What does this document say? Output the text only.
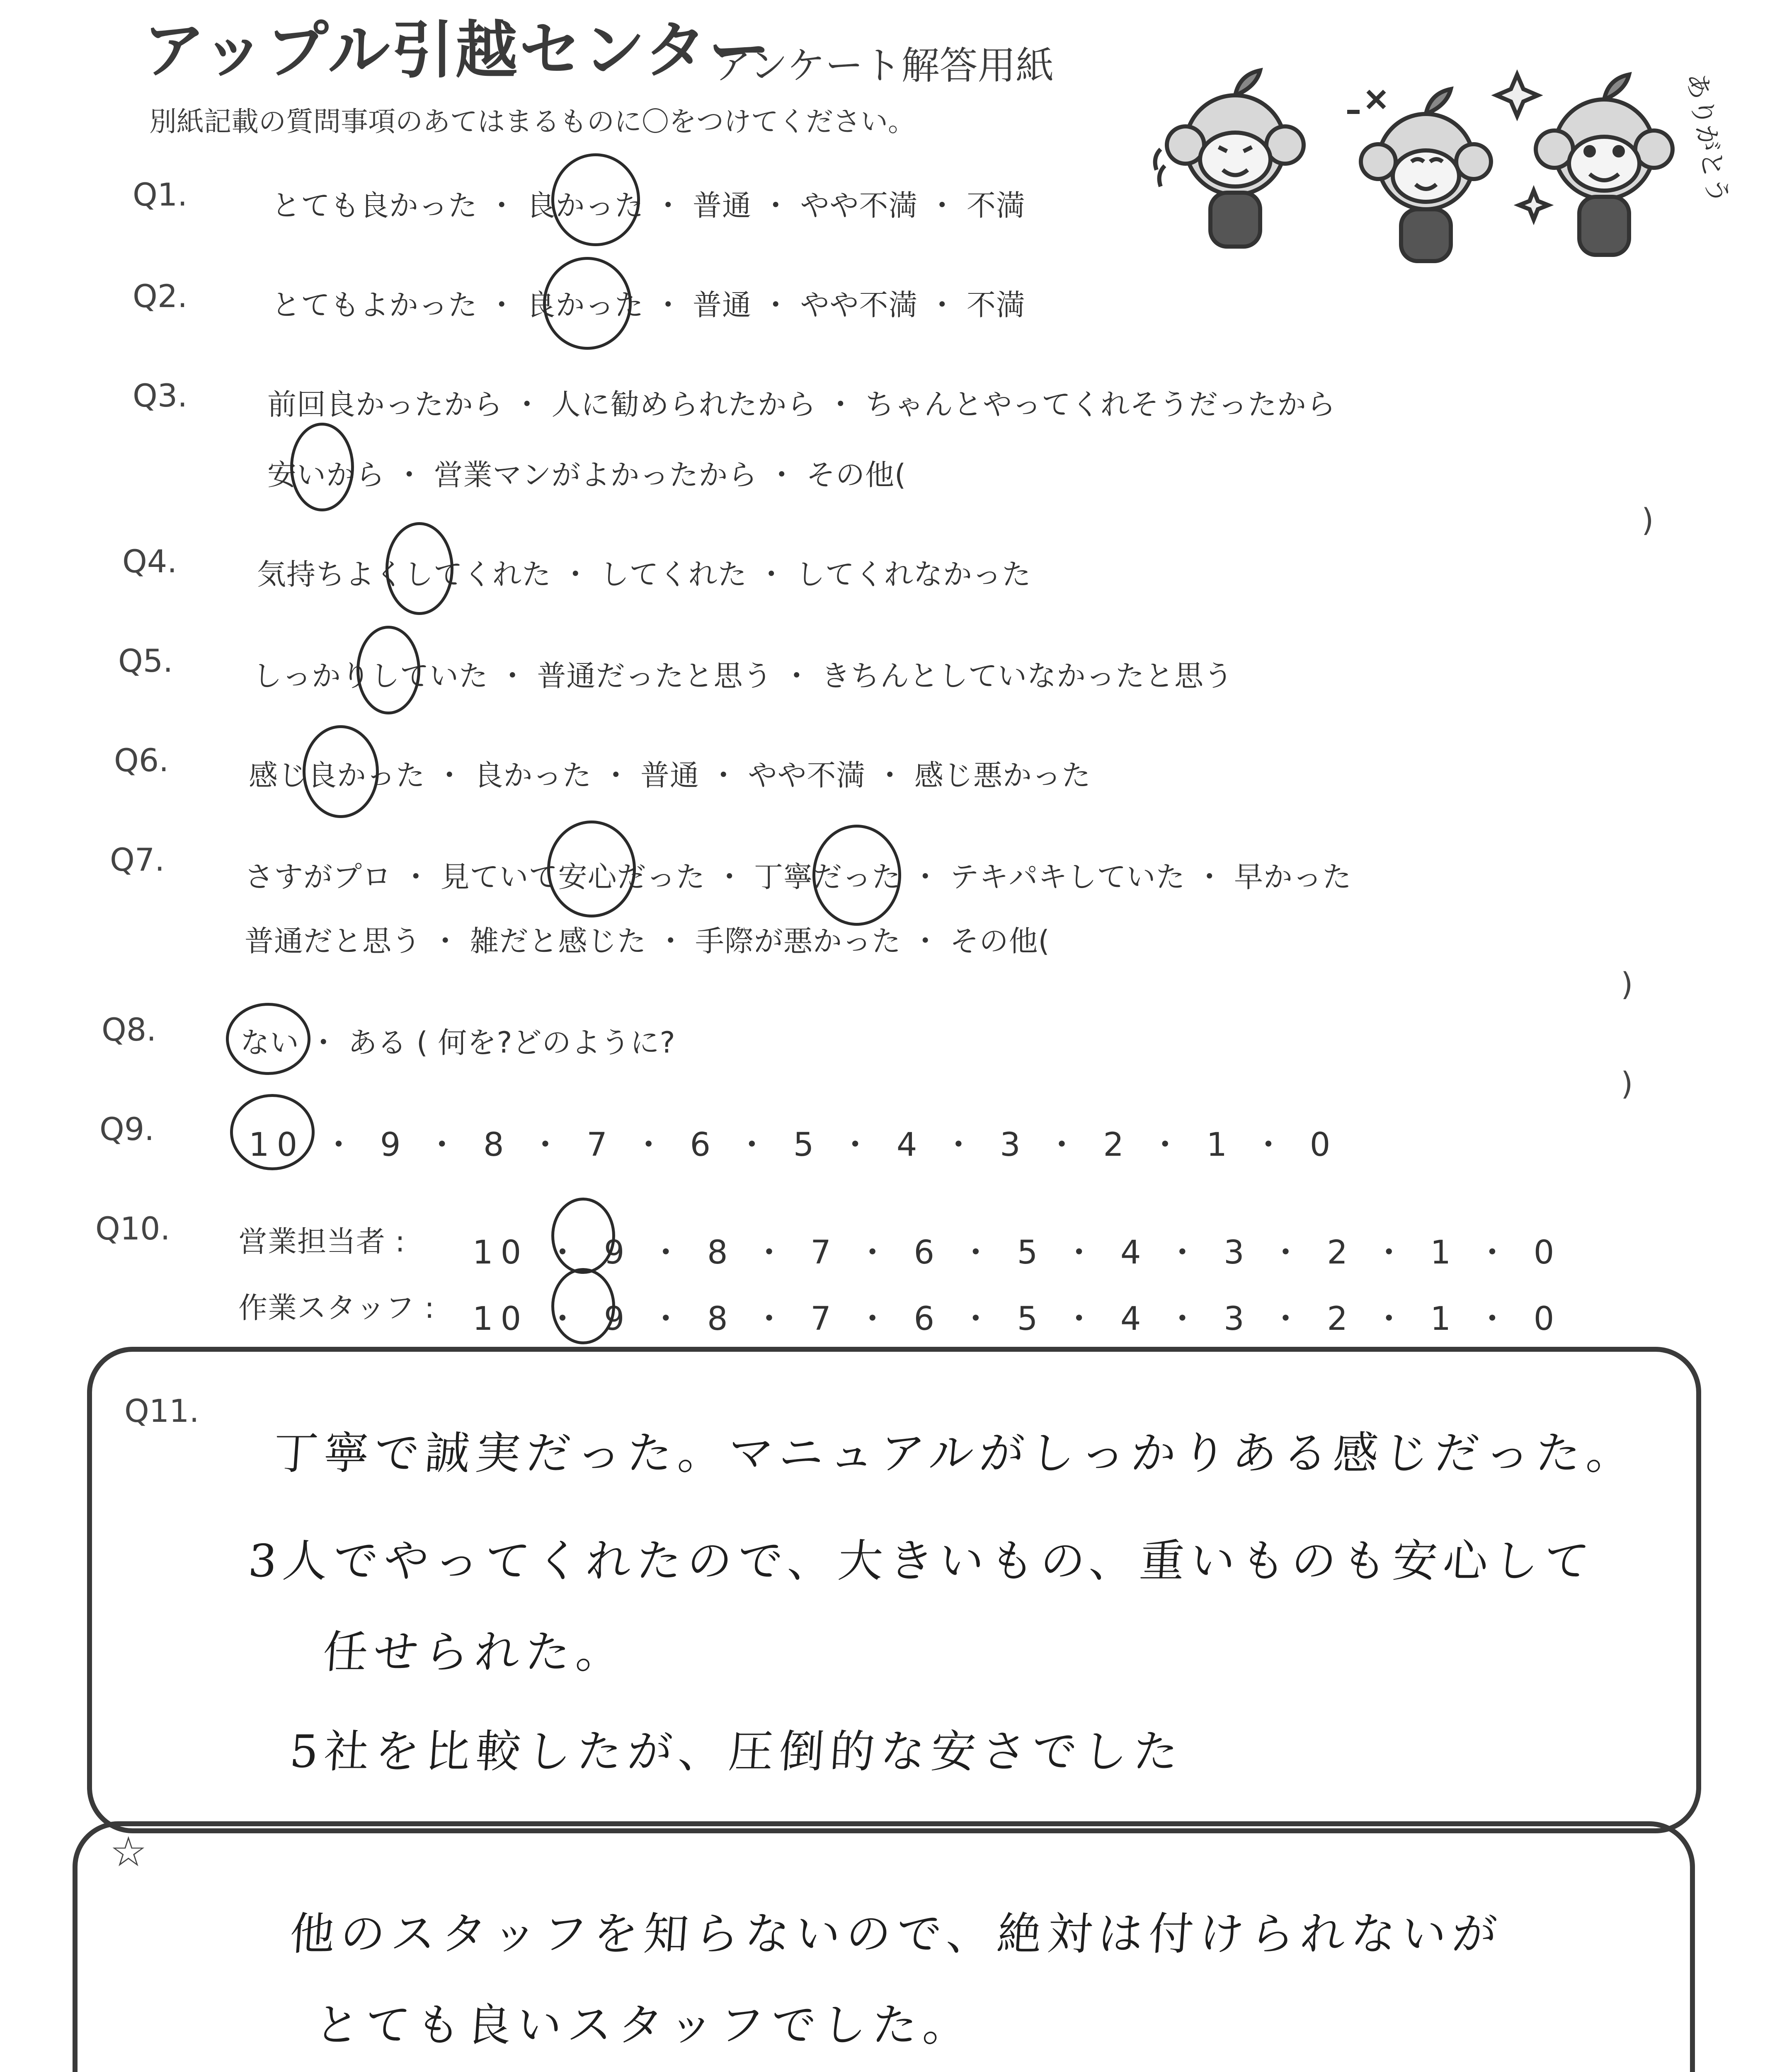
アップル引越センター
アンケート解答用紙
別紙記載の質問事項のあてはまるものに〇をつけてください。	ありがとう
Q1.	とても良かった ・ 良かった ・ 普通 ・ やや不満 ・ 不満
Q2.	とてもよかった ・ 良かった ・ 普通 ・ やや不満 ・ 不満
Q3.	前回良かったから ・ 人に勧められたから ・ ちゃんとやってくれそうだったから
安いから ・ 営業マンがよかったから ・ その他(
)
Q4.	気持ちよくしてくれた ・ してくれた ・ してくれなかった
Q5.	しっかりしていた ・ 普通だったと思う ・ きちんとしていなかったと思う
Q6.	感じ良かった ・ 良かった ・ 普通 ・ やや不満 ・ 感じ悪かった
Q7.	さすがプロ ・ 見ていて安心だった ・ 丁寧だった ・ テキパキしていた ・ 早かった
普通だと思う ・ 雑だと感じた ・ 手際が悪かった ・ その他(
)
Q8.	ない ・ ある ( 何を?どのように?
)
Q9.	10 ・ 9 ・ 8 ・ 7 ・ 6 ・ 5 ・ 4 ・ 3 ・ 2 ・ 1 ・ 0
Q10. 営業担当者 : 10 ・ 9 ・ 8 ・ 7 ・ 6 ・ 5 ・ 4 ・ 3 ・ 2 ・ 1 ・ 0
作業スタッフ : 10 ・ 9 ・ 8 ・ 7 ・ 6 ・ 5 ・ 4 ・ 3 ・ 2 ・ 1 ・ 0
Q11.
丁寧で誠実だった。マニュアルがしっかりある感じだった。
3人でやってくれたので、大きいもの、重いものも安心して
任せられた。
5社を比較したが、圧倒的な安さでした
☆
他のスタッフを知らないので、絶対は付けられないが
とても良いスタッフでした。
